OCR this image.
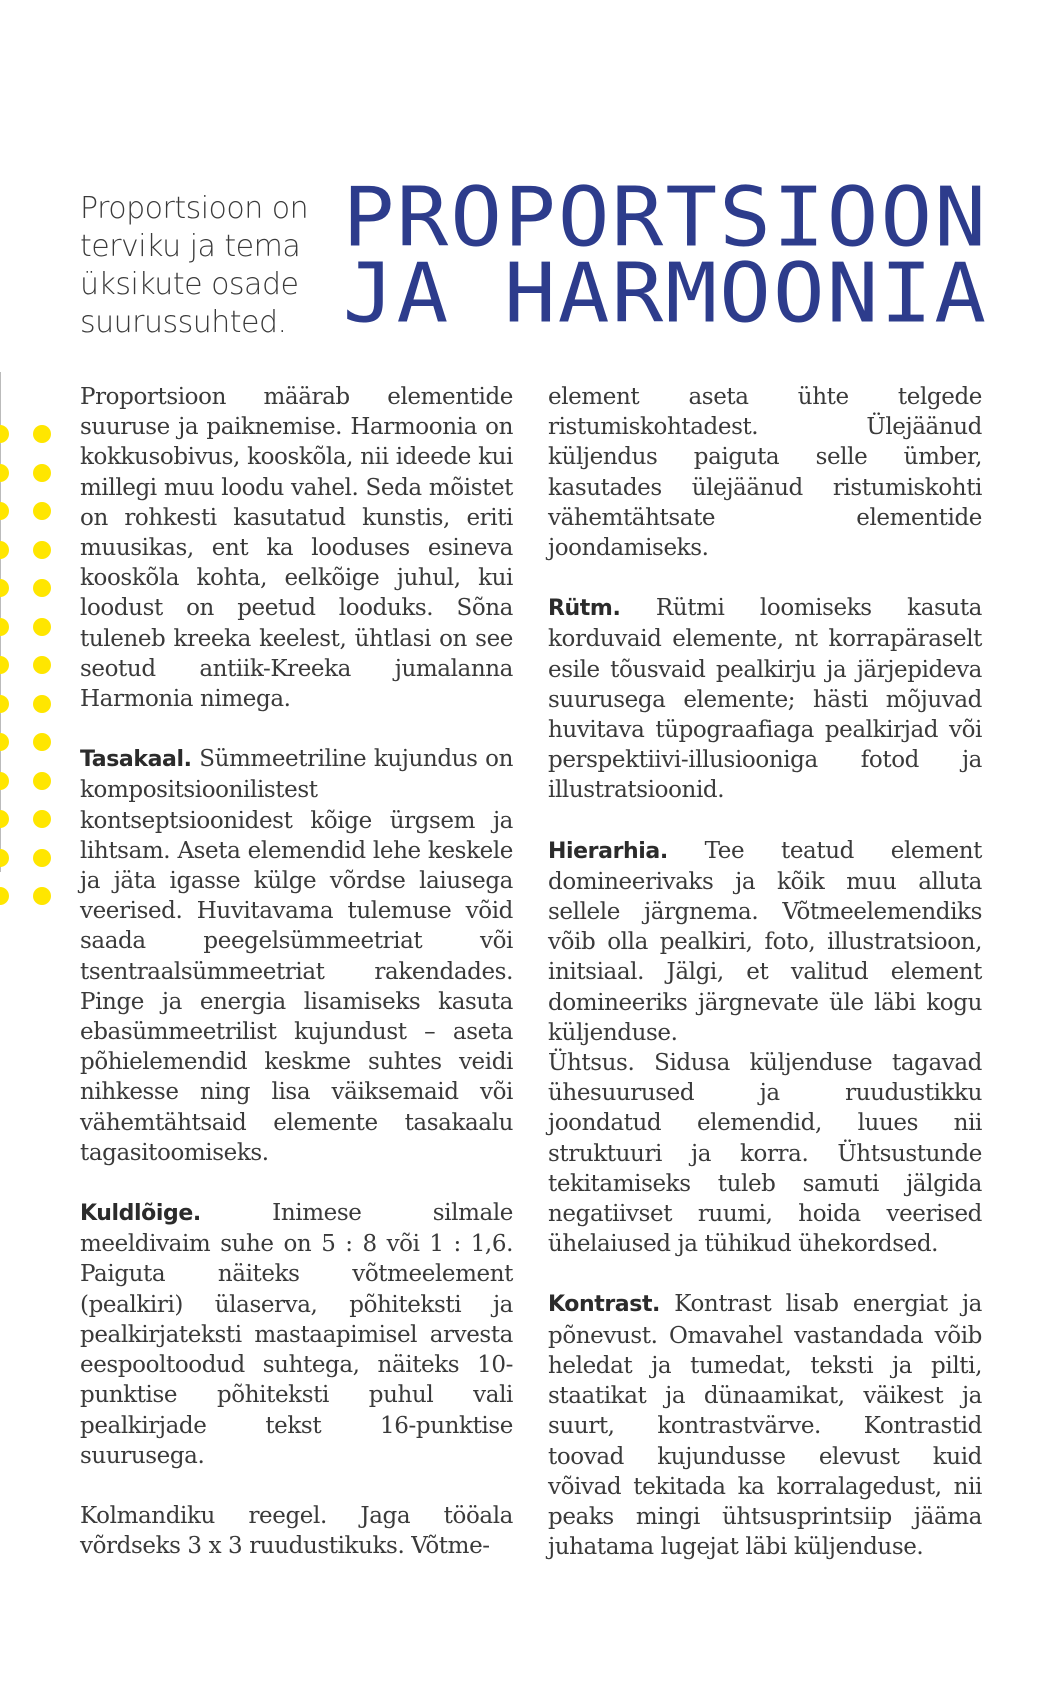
Proportsioon on terviku ja tema üksikute osade suurussuhted.

PROPORTSIOON
JA HARMOONIA

Proportsioon määrab elementide suuruse ja paiknemise. Harmoonia on kokkusobivus, kooskõla, nii ideede kui millegi muu loodu vahel. Seda mõistet on rohkesti kasutatud kunstis, eriti muusikas, ent ka looduses esineva kooskõla kohta, eelkõige juhul, kui loodust on peetud looduks. Sõna tuleneb kreeka keelest, ühtlasi on see seotud antiik-Kreeka jumalanna Harmonia nimega.

Tasakaal. Sümmeetriline kujundus on kompositsioonilistest kontseptsioonidest kõige ürgsem ja lihtsam. Aseta elemendid lehe keskele ja jäta igasse külge võrdse laiusega veerised. Huvitavama tulemuse võid saada peegelsümmeetriat või tsentraalsümmeetriat rakendades. Pinge ja energia lisamiseks kasuta ebasümmeetrilist kujundust – aseta põhielemendid keskme suhtes veidi nihkesse ning lisa väiksemaid või vähemtähtsaid elemente tasakaalu tagasitoomiseks.

Kuldlõige. Inimese silmale meeldivaim suhe on 5 : 8 või 1 : 1,6. Paiguta näiteks võtmeelement (pealkiri) ülaserva, põhiteksti ja pealkirjateksti mastaapimisel arvesta eespooltoodud suhtega, näiteks 10-punktise põhiteksti puhul vali pealkirjade tekst 16-punktise suurusega.

Kolmandiku reegel. Jaga tööala võrdseks 3 x 3 ruudustikuks. Võtme-

element aseta ühte telgede ristumiskohtadest. Ülejäänud küljendus paiguta selle ümber, kasutades ülejäänud ristumiskohti vähemtähtsate elementide joondamiseks.

Rütm. Rütmi loomiseks kasuta korduvaid elemente, nt korrapäraselt esile tõusvaid pealkirju ja järjepideva suurusega elemente; hästi mõjuvad huvitava tüpograafiaga pealkirjad või perspektiivi-illusiooniga fotod ja illustratsioonid.

Hierarhia. Tee teatud element domineerivaks ja kõik muu alluta sellele järgnema. Võtmeelemendiks võib olla pealkiri, foto, illustratsioon, initsiaal. Jälgi, et valitud element domineeriks järgnevate üle läbi kogu küljenduse.

Ühtsus. Sidusa küljenduse tagavad ühesuurused ja ruudustikku joondatud elemendid, luues nii struktuuri ja korra. Ühtsustunde tekitamiseks tuleb samuti jälgida negatiivset ruumi, hoida veerised ühelaiused ja tühikud ühekordsed.

Kontrast. Kontrast lisab energiat ja põnevust. Omavahel vastandada võib heledat ja tumedat, teksti ja pilti, staatikat ja dünaamikat, väikest ja suurt, kontrastvärve. Kontrastid toovad kujundusse elevust kuid võivad tekitada ka korralagedust, nii peaks mingi ühtsusprintsiip jääma juhatama lugejat läbi küljenduse.
